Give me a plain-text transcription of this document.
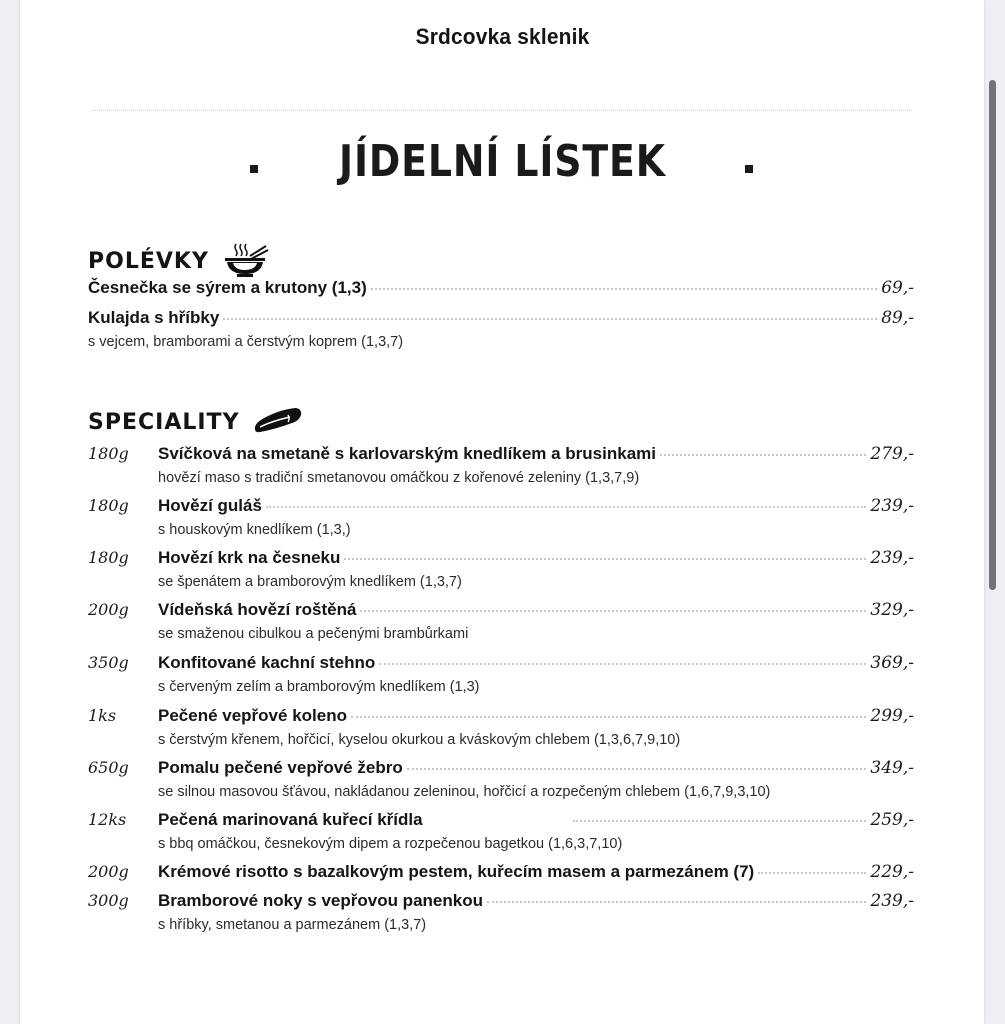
Srdcovka sklenik
JÍDELNÍ LÍSTEK
POLÉVKY
Česnečka se sýrem a krutony (1,3)	69,-
Kulajda s hříbky	89,-
s vejcem, bramborami a čerstvým koprem (1,3,7)
SPECIALITY
180g	Svíčková na smetaně s karlovarským knedlíkem a brusinkami	279,-
hovězí maso s tradiční smetanovou omáčkou z kořenové zeleniny (1,3,7,9)
180g	Hovězí guláš	239,-
s houskovým knedlíkem (1,3,)
180g	Hovězí krk na česneku	239,-
se špenátem a bramborovým knedlíkem (1,3,7)
200g	Vídeňská hovězí roštěná	329,-
se smaženou cibulkou a pečenými brambůrkami
350g	Konfitované kachní stehno	369,-
s červeným zelím a bramborovým knedlíkem (1,3)
1ks	Pečené vepřové koleno	299,-
s čerstvým křenem, hořčicí, kyselou okurkou a kváskovým chlebem (1,3,6,7,9,10)
650g	Pomalu pečené vepřové žebro	349,-
se silnou masovou šťávou, nakládanou zeleninou, hořčicí a rozpečeným chlebem (1,6,7,9,3,10)
12ks	Pečená marinovaná kuřecí křídla	259,-
s bbq omáčkou, česnekovým dipem a rozpečenou bagetkou (1,6,3,7,10)
200g	Krémové risotto s bazalkovým pestem, kuřecím masem a parmezánem (7)	229,-
300g	Bramborové noky s vepřovou panenkou	239,-
s hříbky, smetanou a parmezánem (1,3,7)
